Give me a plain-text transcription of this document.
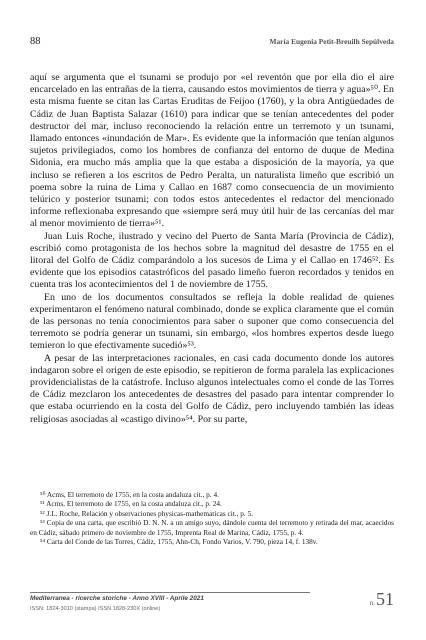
88	María Eugenia Petit-Breuilh Sepúlveda

aquí se argumenta que el tsunami se produjo por «el reventón que por ella dio el aire encarcelado en las entrañas de la tierra, causando estos movimientos de tierra y agua»⁵⁰. En esta misma fuente se citan las Cartas Eruditas de Feijoo (1760), y la obra Antigüedades de Cádiz de Juan Baptista Salazar (1610) para indicar que se tenían antecedentes del poder destructor del mar, incluso reconociendo la relación entre un terremoto y un tsunami, llamado entonces «inundación de Mar». Es evidente que la información que tenían algunos sujetos privilegiados, como los hombres de confianza del entorno de duque de Medina Sidonia, era mucho más amplia que la que estaba a disposición de la mayoría, ya que incluso se refieren a los escritos de Pedro Peralta, un naturalista limeño que escribió un poema sobre la ruina de Lima y Callao en 1687 como consecuencia de un movimiento telúrico y posterior tsunami; con todos estos antecedentes el redactor del mencionado informe reflexionaba expresando que «siempre será muy útil huir de las cercanías del mar al menor movimiento de tierra»⁵¹.

Juan Luis Roche, ilustrado y vecino del Puerto de Santa María (Provincia de Cádiz), escribió como protagonista de los hechos sobre la magnitud del desastre de 1755 en el litoral del Golfo de Cádiz comparándolo a los sucesos de Lima y el Callao en 1746⁵². Es evidente que los episodios catastróficos del pasado limeño fueron recordados y tenidos en cuenta tras los acontecimientos del 1 de noviembre de 1755.

En uno de los documentos consultados se refleja la doble realidad de quienes experimentaron el fenómeno natural combinado, donde se explica claramente que el común de las personas no tenía conocimientos para saber o suponer que como consecuencia del terremoto se podría generar un tsunami, sin embargo, «los hombres expertos desde luego temieron lo que efectivamente sucedió»⁵³.

A pesar de las interpretaciones racionales, en casi cada documento donde los autores indagaron sobre el origen de este episodio, se repitieron de forma paralela las explicaciones providencialistas de la catástrofe. Incluso algunos intelectuales como el conde de las Torres de Cádiz mezclaron los antecedentes de desastres del pasado para intentar comprender lo que estaba ocurriendo en la costa del Golfo de Cádiz, pero incluyendo también las ideas religiosas asociadas al «castigo divino»⁵⁴. Por su parte,

⁵⁰ Acms, El terremoto de 1755, en la costa andaluza cit., p. 4.

⁵¹ Acms, El terremoto de 1755, en la costa andaluza cit., p. 24.

⁵² J.L. Roche, Relación y observaciones physicas-mathematicas cit., p. 5.

⁵³ Copia de una carta, que escribió D. N. N. a un amigo suyo, dándole cuenta del terremoto y retirada del mar, acaecidos en Cádiz, sábado primero de noviembre de 1755, Imprenta Real de Marina, Cádiz, 1755, p. 4.

⁵⁴ Carta del Conde de las Torres, Cádiz, 1755, Ahn-Ch, Fondo Varios, V. 790, pieza 14, f. 138v.

Mediterranea - ricerche storiche - Anno XVIII - Aprile 2021
ISSN: 1824-3010 (stampa) ISSN 1828-230X (online)
n.51
